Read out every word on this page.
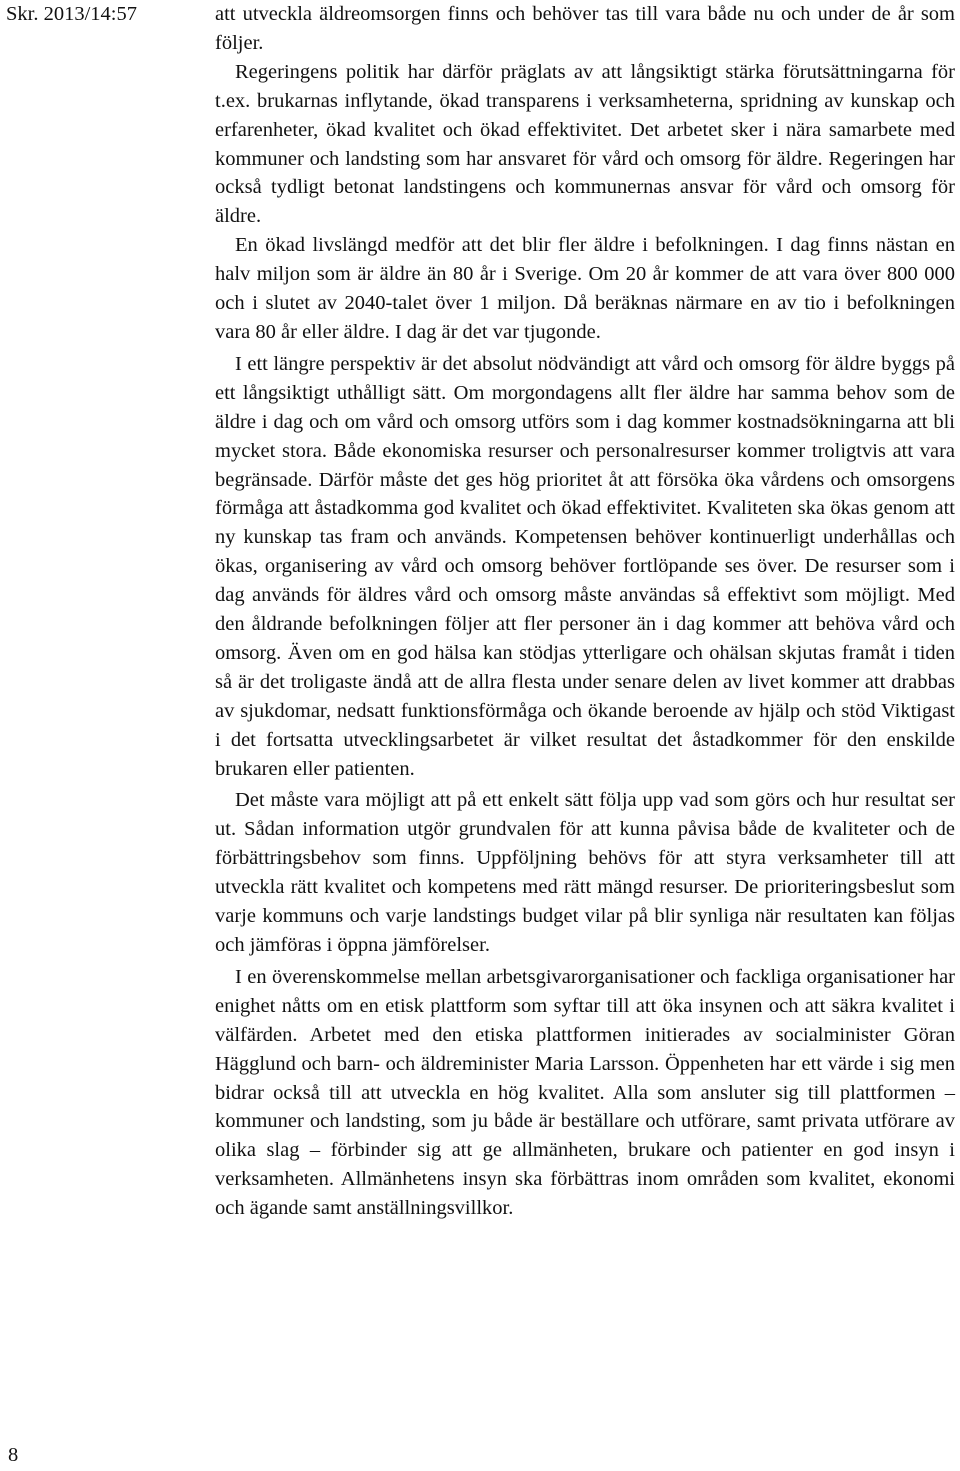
Skr. 2013/14:57	att utveckla äldreomsorgen finns och behöver tas till vara både nu och under de år som följer.

Regeringens politik har därför präglats av att långsiktigt stärka förutsättningarna för t.ex. brukarnas inflytande, ökad transparens i verksamheterna, spridning av kunskap och erfarenheter, ökad kvalitet och ökad effektivitet. Det arbetet sker i nära samarbete med kommuner och landsting som har ansvaret för vård och omsorg för äldre. Regeringen har också tydligt betonat landstingens och kommunernas ansvar för vård och omsorg för äldre.

En ökad livslängd medför att det blir fler äldre i befolkningen. I dag finns nästan en halv miljon som är äldre än 80 år i Sverige. Om 20 år kommer de att vara över 800 000 och i slutet av 2040-talet över 1 miljon. Då beräknas närmare en av tio i befolkningen vara 80 år eller äldre. I dag är det var tjugonde.

I ett längre perspektiv är det absolut nödvändigt att vård och omsorg för äldre byggs på ett långsiktigt uthålligt sätt. Om morgondagens allt fler äldre har samma behov som de äldre i dag och om vård och omsorg utförs som i dag kommer kostnadsökningarna att bli mycket stora. Både ekonomiska resurser och personalresurser kommer troligtvis att vara begränsade. Därför måste det ges hög prioritet åt att försöka öka vårdens och omsorgens förmåga att åstadkomma god kvalitet och ökad effektivitet. Kvaliteten ska ökas genom att ny kunskap tas fram och används. Kompetensen behöver kontinuerligt underhållas och ökas, organisering av vård och omsorg behöver fortlöpande ses över. De resurser som i dag används för äldres vård och omsorg måste användas så effektivt som möjligt. Med den åldrande befolkningen följer att fler personer än i dag kommer att behöva vård och omsorg. Även om en god hälsa kan stödjas ytterligare och ohälsan skjutas framåt i tiden så är det troligaste ändå att de allra flesta under senare delen av livet kommer att drabbas av sjukdomar, nedsatt funktionsförmåga och ökande beroende av hjälp och stöd Viktigast i det fortsatta utvecklingsarbetet är vilket resultat det åstadkommer för den enskilde brukaren eller patienten.

Det måste vara möjligt att på ett enkelt sätt följa upp vad som görs och hur resultat ser ut. Sådan information utgör grundvalen för att kunna påvisa både de kvaliteter och de förbättringsbehov som finns. Uppföljning behövs för att styra verksamheter till att utveckla rätt kvalitet och kompetens med rätt mängd resurser. De prioriteringsbeslut som varje kommuns och varje landstings budget vilar på blir synliga när resultaten kan följas och jämföras i öppna jämförelser.

I en överenskommelse mellan arbetsgivarorganisationer och fackliga organisationer har enighet nåtts om en etisk plattform som syftar till att öka insynen och att säkra kvalitet i välfärden. Arbetet med den etiska plattformen initierades av socialminister Göran Hägglund och barn- och äldreminister Maria Larsson. Öppenheten har ett värde i sig men bidrar också till att utveckla en hög kvalitet. Alla som ansluter sig till plattformen – kommuner och landsting, som ju både är beställare och utförare, samt privata utförare av olika slag – förbinder sig att ge allmänheten, brukare och patienter en god insyn i verksamheten. Allmänhetens insyn ska förbättras inom områden som kvalitet, ekonomi och ägande samt anställningsvillkor.

8
